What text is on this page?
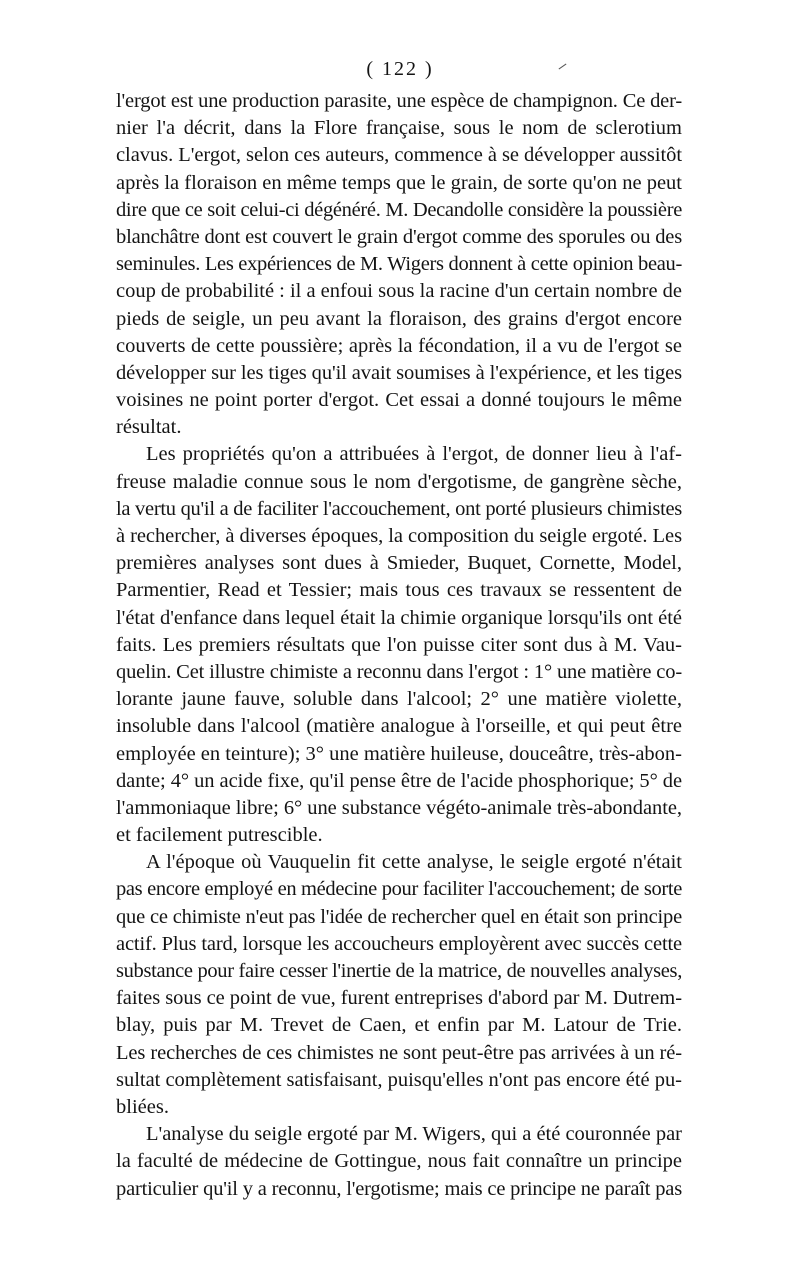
( 122 )
l'ergot est une production parasite, une espèce de champignon. Ce der-
nier l'a décrit, dans la Flore française, sous le nom de sclerotium
clavus. L'ergot, selon ces auteurs, commence à se développer aussitôt
après la floraison en même temps que le grain, de sorte qu'on ne peut
dire que ce soit celui-ci dégénéré. M. Decandolle considère la poussière
blanchâtre dont est couvert le grain d'ergot comme des sporules ou des
seminules. Les expériences de M. Wigers donnent à cette opinion beau-
coup de probabilité : il a enfoui sous la racine d'un certain nombre de
pieds de seigle, un peu avant la floraison, des grains d'ergot encore
couverts de cette poussière; après la fécondation, il a vu de l'ergot se
développer sur les tiges qu'il avait soumises à l'expérience, et les tiges
voisines ne point porter d'ergot. Cet essai a donné toujours le même
résultat.
Les propriétés qu'on a attribuées à l'ergot, de donner lieu à l'af-
freuse maladie connue sous le nom d'ergotisme, de gangrène sèche,
la vertu qu'il a de faciliter l'accouchement, ont porté plusieurs chimistes
à rechercher, à diverses époques, la composition du seigle ergoté. Les
premières analyses sont dues à Smieder, Buquet, Cornette, Model,
Parmentier, Read et Tessier; mais tous ces travaux se ressentent de
l'état d'enfance dans lequel était la chimie organique lorsqu'ils ont été
faits. Les premiers résultats que l'on puisse citer sont dus à M. Vau-
quelin. Cet illustre chimiste a reconnu dans l'ergot : 1° une matière co-
lorante jaune fauve, soluble dans l'alcool; 2° une matière violette,
insoluble dans l'alcool (matière analogue à l'orseille, et qui peut être
employée en teinture); 3° une matière huileuse, douceâtre, très-abon-
dante; 4° un acide fixe, qu'il pense être de l'acide phosphorique; 5° de
l'ammoniaque libre; 6° une substance végéto-animale très-abondante,
et facilement putrescible.
A l'époque où Vauquelin fit cette analyse, le seigle ergoté n'était
pas encore employé en médecine pour faciliter l'accouchement; de sorte
que ce chimiste n'eut pas l'idée de rechercher quel en était son principe
actif. Plus tard, lorsque les accoucheurs employèrent avec succès cette
substance pour faire cesser l'inertie de la matrice, de nouvelles analyses,
faites sous ce point de vue, furent entreprises d'abord par M. Dutrem-
blay, puis par M. Trevet de Caen, et enfin par M. Latour de Trie.
Les recherches de ces chimistes ne sont peut-être pas arrivées à un ré-
sultat complètement satisfaisant, puisqu'elles n'ont pas encore été pu-
bliées.
L'analyse du seigle ergoté par M. Wigers, qui a été couronnée par
la faculté de médecine de Gottingue, nous fait connaître un principe
particulier qu'il y a reconnu, l'ergotisme; mais ce principe ne paraît pas
